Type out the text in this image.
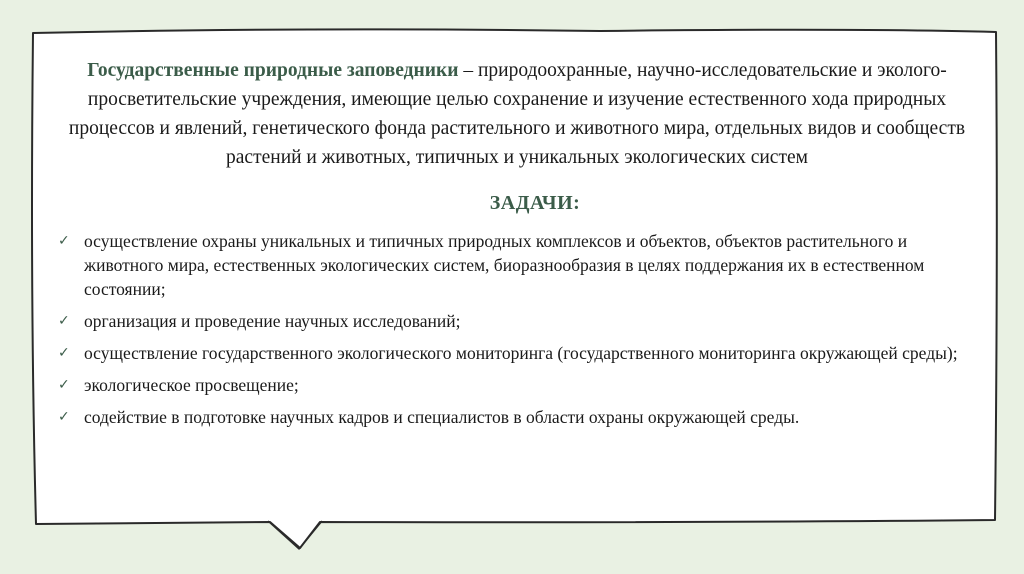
Государственные природные заповедники – природоохранные, научно-исследовательские и эколого-просветительские учреждения, имеющие целью сохранение и изучение естественного хода природных процессов и явлений, генетического фонда растительного и животного мира, отдельных видов и сообществ растений и животных, типичных и уникальных экологических систем

ЗАДАЧИ:
✓ осуществление охраны уникальных и типичных природных комплексов и объектов, объектов растительного и животного мира, естественных экологических систем, биоразнообразия в целях поддержания их в естественном состоянии;
✓ организация и проведение научных исследований;
✓ осуществление государственного экологического мониторинга (государственного мониторинга окружающей среды);
✓ экологическое просвещение;
✓ содействие в подготовке научных кадров и специалистов в области охраны окружающей среды.
